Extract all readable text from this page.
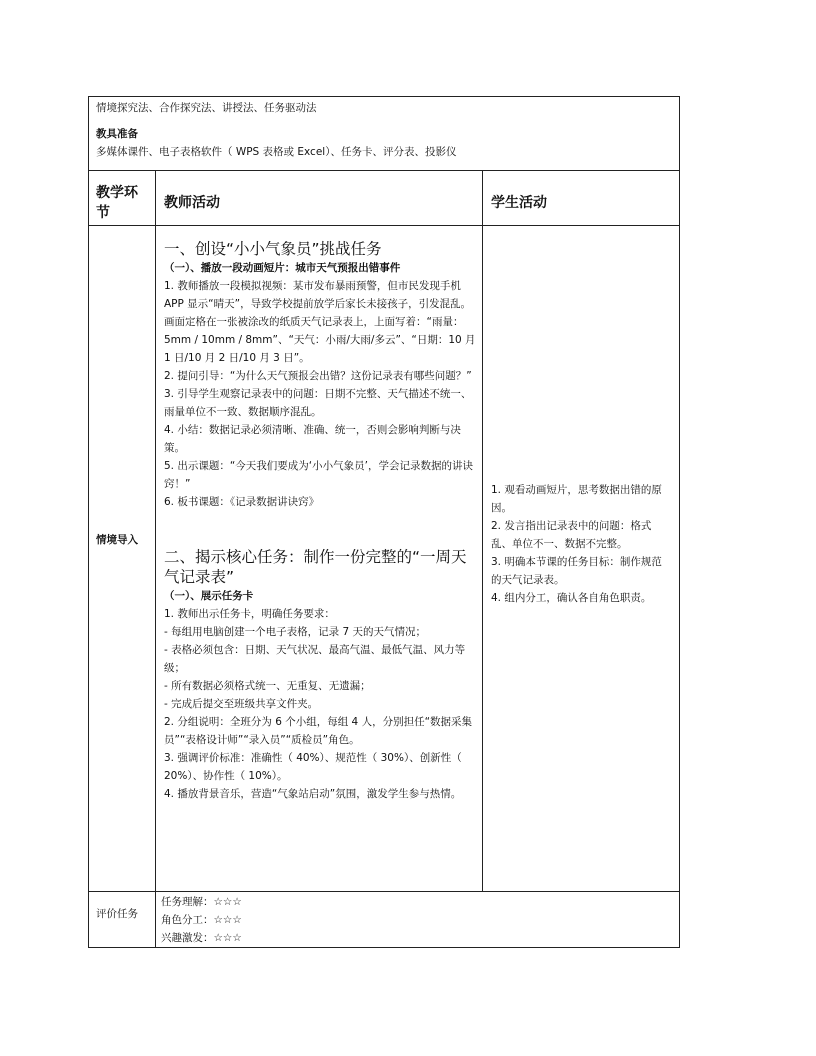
情境探究法、合作探究法、讲授法、任务驱动法

教具准备

多媒体课件、电子表格软件（ WPS 表格或 Excel）、任务卡、评分表、投影仪

教学环节
教师活动	学生活动
情境导入

一、创设“小小气象员”挑战任务

（一）、播放一段动画短片：城市天气预报出错事件

1. 教师播放一段模拟视频：某市发布暴雨预警，但市民发现手机 APP 显示“晴天”，导致学校提前放学后家长未接孩子，引发混乱。画面定格在一张被涂改的纸质天气记录表上，上面写着：“雨量：5mm / 10mm / 8mm”、“天气：小雨/大雨/多云”、“日期：10 月 1 日/10 月 2 日/10 月 3 日”。

2. 提问引导：“为什么天气预报会出错？这份记录表有哪些问题？”

3. 引导学生观察记录表中的问题：日期不完整、天气描述不统一、雨量单位不一致、数据顺序混乱。

4. 小结：数据记录必须清晰、准确、统一，否则会影响判断与决策。

5. 出示课题：“今天我们要成为‘小小气象员’，学会记录数据的讲诀窍！”

6. 板书课题：《记录数据讲诀窍》

二、揭示核心任务：制作一份完整的“一周天气记录表”

（一）、展示任务卡

1. 教师出示任务卡，明确任务要求：

- 每组用电脑创建一个电子表格，记录 7 天的天气情况；

- 表格必须包含：日期、天气状况、最高气温、最低气温、风力等级；

- 所有数据必须格式统一、无重复、无遗漏；

- 完成后提交至班级共享文件夹。

2. 分组说明：全班分为 6 个小组，每组 4 人，分别担任“数据采集员”“表格设计师”“录入员”“质检员”角色。

3. 强调评价标准：准确性（ 40%）、规范性（ 30%）、创新性（ 20%）、协作性（ 10%）。

4. 播放背景音乐，营造“气象站启动”氛围，激发学生参与热情。

1. 观看动画短片，思考数据出错的原因。

2. 发言指出记录表中的问题：格式乱、单位不一、数据不完整。

3. 明确本节课的任务目标：制作规范的天气记录表。

4. 组内分工，确认各自角色职责。

评价任务
任务理解：☆☆☆
角色分工：☆☆☆
兴趣激发：☆☆☆
